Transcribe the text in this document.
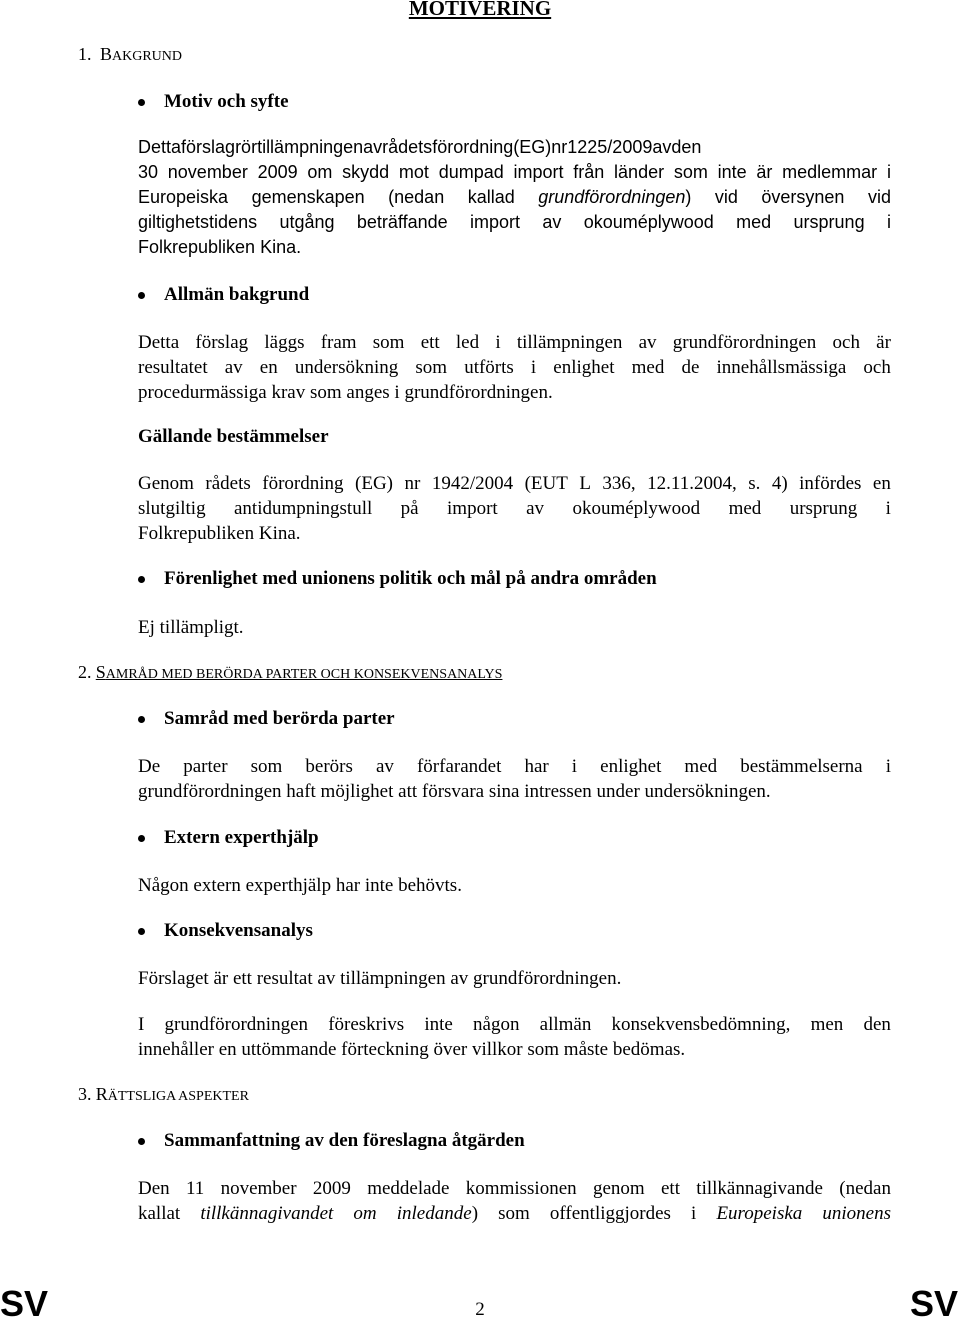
MOTIVERING
1. BAKGRUND
Motiv och syfte
Detta förslag rör tillämpningen av rådets förordning (EG) nr 1225/2009 av den
30 november 2009 om skydd mot dumpad import från länder som inte är medlemmar i
Europeiska gemenskapen (nedan kallad grundförordningen) vid översynen vid
giltighetstidens utgång beträffande import av okouméplywood med ursprung i
Folkrepubliken Kina.
Allmän bakgrund
Detta förslag läggs fram som ett led i tillämpningen av grundförordningen och är
resultatet av en undersökning som utförts i enlighet med de innehållsmässiga och
procedurmässiga krav som anges i grundförordningen.
Gällande bestämmelser
Genom rådets förordning (EG) nr 1942/2004 (EUT L 336, 12.11.2004, s. 4) infördes en
slutgiltig antidumpningstull på import av okouméplywood med ursprung i
Folkrepubliken Kina.
Förenlighet med unionens politik och mål på andra områden
Ej tillämpligt.
2. SAMRÅD MED BERÖRDA PARTER OCH KONSEKVENSANALYS
Samråd med berörda parter
De parter som berörs av förfarandet har i enlighet med bestämmelserna i
grundförordningen haft möjlighet att försvara sina intressen under undersökningen.
Extern experthjälp
Någon extern experthjälp har inte behövts.
Konsekvensanalys
Förslaget är ett resultat av tillämpningen av grundförordningen.
I grundförordningen föreskrivs inte någon allmän konsekvensbedömning, men den
innehåller en uttömmande förteckning över villkor som måste bedömas.
3. RÄTTSLIGA ASPEKTER
Sammanfattning av den föreslagna åtgärden
Den 11 november 2009 meddelade kommissionen genom ett tillkännagivande (nedan
kallat tillkännagivandet om inledande) som offentliggjordes i Europeiska unionens
SV	2	SV
